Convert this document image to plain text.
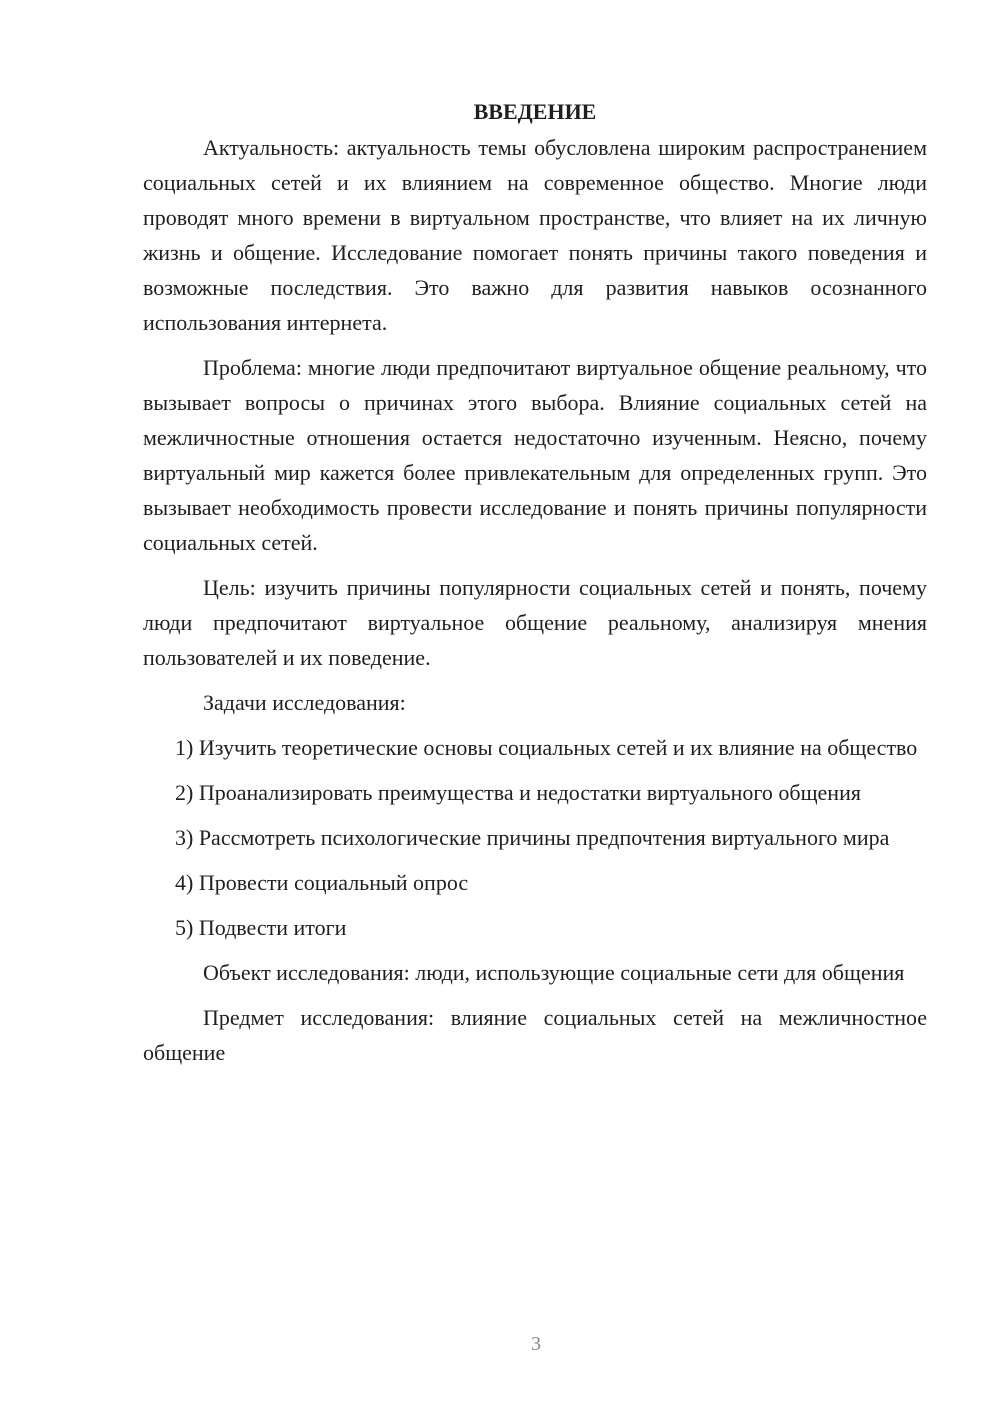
ВВЕДЕНИЕ

Актуальность: актуальность темы обусловлена широким распространением социальных сетей и их влиянием на современное общество. Многие люди проводят много времени в виртуальном пространстве, что влияет на их личную жизнь и общение. Исследование помогает понять причины такого поведения и возможные последствия. Это важно для развития навыков осознанного использования интернета.

Проблема: многие люди предпочитают виртуальное общение реальному, что вызывает вопросы о причинах этого выбора. Влияние социальных сетей на межличностные отношения остается недостаточно изученным. Неясно, почему виртуальный мир кажется более привлекательным для определенных групп. Это вызывает необходимость провести исследование и понять причины популярности социальных сетей.

Цель: изучить причины популярности социальных сетей и понять, почему люди предпочитают виртуальное общение реальному, анализируя мнения пользователей и их поведение.

Задачи исследования:

1) Изучить теоретические основы социальных сетей и их влияние на общество

2) Проанализировать преимущества и недостатки виртуального общения

3) Рассмотреть психологические причины предпочтения виртуального мира

4) Провести социальный опрос

5) Подвести итоги

Объект исследования: люди, использующие социальные сети для общения

Предмет исследования: влияние социальных сетей на межличностное общение

3
